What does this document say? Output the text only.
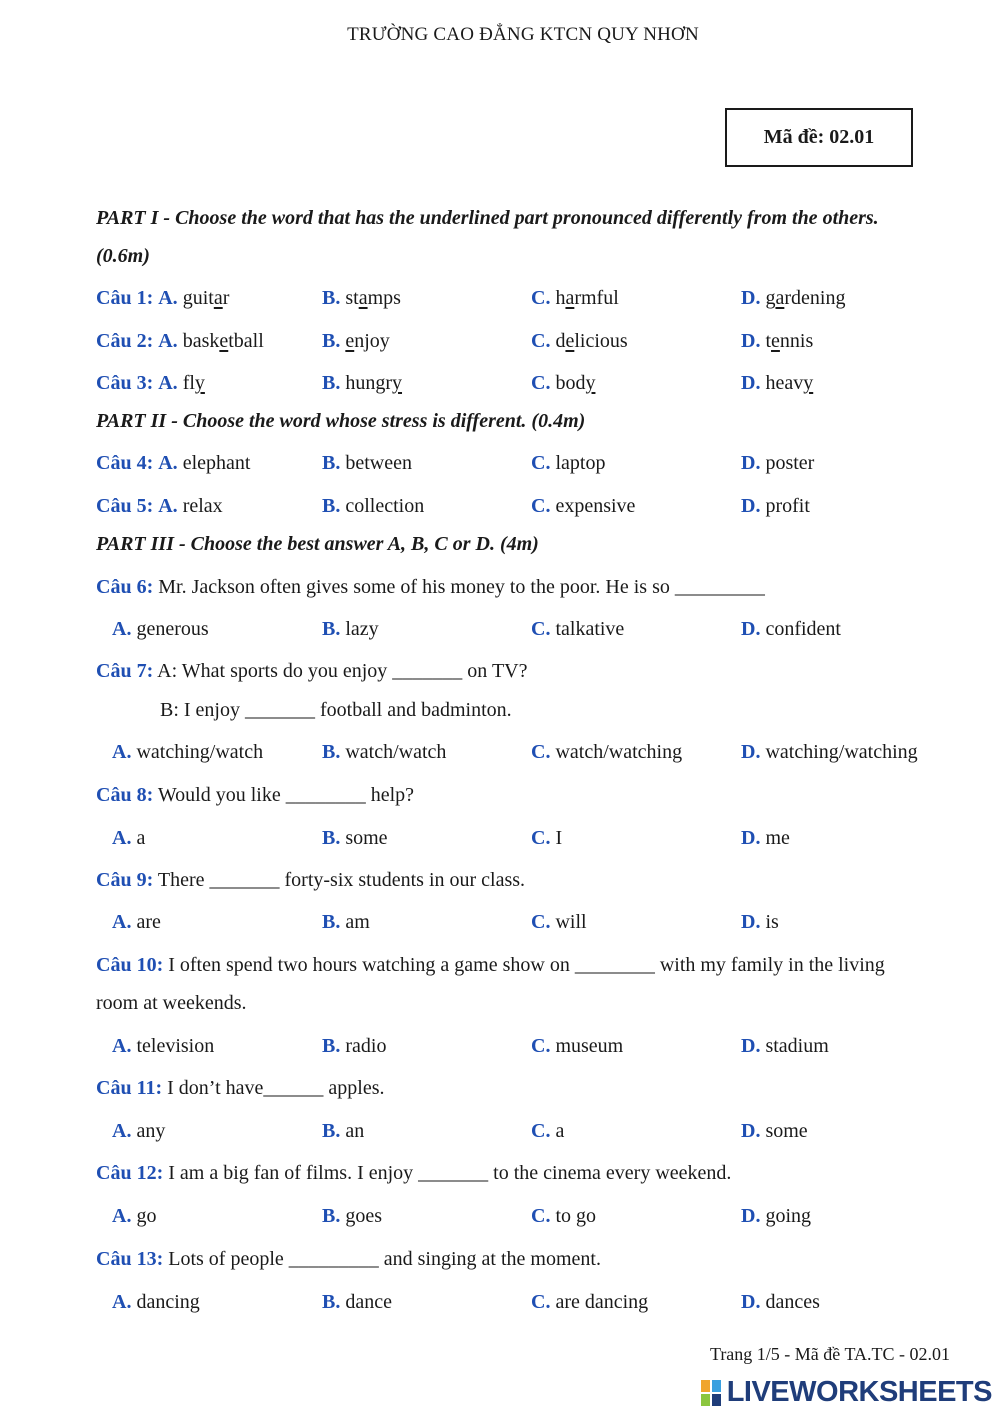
TRƯỜNG CAO ĐẲNG KTCN QUY NHƠN
Mã đề: 02.01
PART I - Choose the word that has the underlined part pronounced differently from the others.
(0.6m)
Câu 1: A. guitar	B. stamps	C. harmful	D. gardening
Câu 2: A. basketball	B. enjoy	C. delicious	D. tennis
Câu 3: A. fly	B. hungry	C. body	D. heavy
PART II - Choose the word whose stress is different. (0.4m)
Câu 4: A. elephant	B. between	C. laptop	D. poster
Câu 5: A. relax	B. collection	C. expensive	D. profit
PART III - Choose the best answer A, B, C or D. (4m)
Câu 6: Mr. Jackson often gives some of his money to the poor. He is so _________
A. generous	B. lazy	C. talkative	D. confident
Câu 7: A: What sports do you enjoy _______ on TV?
B: I enjoy _______ football and badminton.
A. watching/watch	B. watch/watch	C. watch/watching	D. watching/watching
Câu 8: Would you like ________ help?
A. a	B. some	C. I	D. me
Câu 9: There _______ forty-six students in our class.
A. are	B. am	C. will	D. is
Câu 10: I often spend two hours watching a game show on ________ with my family in the living
room at weekends.
A. television	B. radio	C. museum	D. stadium
Câu 11: I don’t have______ apples.
A. any	B. an	C. a	D. some
Câu 12: I am a big fan of films. I enjoy _______ to the cinema every weekend.
A. go	B. goes	C. to go	D. going
Câu 13: Lots of people _________ and singing at the moment.
A. dancing	B. dance	C. are dancing	D. dances
Trang 1/5 - Mã đề TA.TC - 02.01
LIVEWORKSHEETS
